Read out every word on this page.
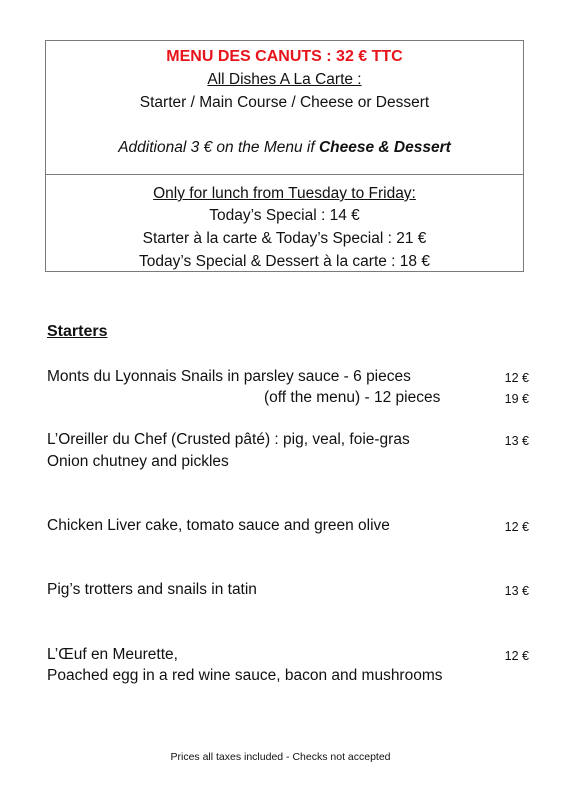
MENU DES CANUTS : 32 € TTC
All Dishes A La Carte :
Starter / Main Course / Cheese or Dessert
Additional 3 € on the Menu if Cheese & Dessert
Only for lunch from Tuesday to Friday:
Today’s Special : 14 €
Starter à la carte & Today’s Special : 21 €
Today’s Special & Dessert à la carte : 18 €
Starters
Monts du Lyonnais Snails in parsley sauce - 6 pieces	12 €
(off the menu) - 12 pieces	19 €
L’Oreiller du Chef (Crusted pâté) : pig, veal, foie-gras	13 €
Onion chutney and pickles
Chicken Liver cake, tomato sauce and green olive	12 €
Pig’s trotters and snails in tatin	13 €
L’Œuf en Meurette,	12 €
Poached egg in a red wine sauce, bacon and mushrooms
Prices all taxes included - Checks not accepted
